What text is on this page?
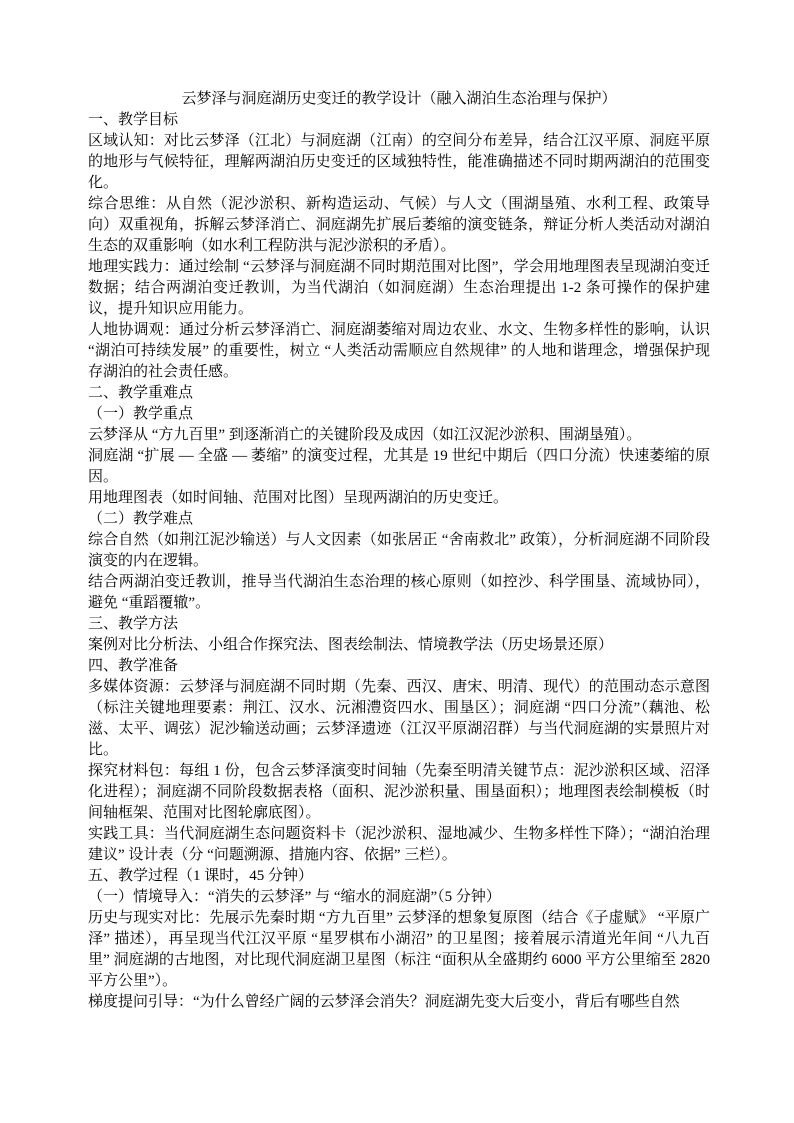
云梦泽与洞庭湖历史变迁的教学设计（融入湖泊生态治理与保护）

一、教学目标

区域认知：对比云梦泽（江北）与洞庭湖（江南）的空间分布差异，结合江汉平原、洞庭平原的地形与气候特征，理解两湖泊历史变迁的区域独特性，能准确描述不同时期两湖泊的范围变化。

综合思维：从自然（泥沙淤积、新构造运动、气候）与人文（围湖垦殖、水利工程、政策导向）双重视角，拆解云梦泽消亡、洞庭湖先扩展后萎缩的演变链条，辩证分析人类活动对湖泊生态的双重影响（如水利工程防洪与泥沙淤积的矛盾）。

地理实践力：通过绘制 “云梦泽与洞庭湖不同时期范围对比图”，学会用地理图表呈现湖泊变迁数据；结合两湖泊变迁教训，为当代湖泊（如洞庭湖）生态治理提出 1-2 条可操作的保护建议，提升知识应用能力。

人地协调观：通过分析云梦泽消亡、洞庭湖萎缩对周边农业、水文、生物多样性的影响，认识 “湖泊可持续发展” 的重要性，树立 “人类活动需顺应自然规律” 的人地和谐理念，增强保护现存湖泊的社会责任感。

二、教学重难点

（一）教学重点

云梦泽从 “方九百里” 到逐渐消亡的关键阶段及成因（如江汉泥沙淤积、围湖垦殖）。

洞庭湖 “扩展 — 全盛 — 萎缩” 的演变过程，尤其是 19 世纪中期后（四口分流）快速萎缩的原因。

用地理图表（如时间轴、范围对比图）呈现两湖泊的历史变迁。

（二）教学难点

综合自然（如荆江泥沙输送）与人文因素（如张居正 “舍南救北” 政策），分析洞庭湖不同阶段演变的内在逻辑。

结合两湖泊变迁教训，推导当代湖泊生态治理的核心原则（如控沙、科学围垦、流域协同），避免 “重蹈覆辙”。

三、教学方法

案例对比分析法、小组合作探究法、图表绘制法、情境教学法（历史场景还原）

四、教学准备

多媒体资源：云梦泽与洞庭湖不同时期（先秦、西汉、唐宋、明清、现代）的范围动态示意图（标注关键地理要素：荆江、汉水、沅湘澧资四水、围垦区）；洞庭湖 “四口分流”（藕池、松滋、太平、调弦）泥沙输送动画；云梦泽遗迹（江汉平原湖沼群）与当代洞庭湖的实景照片对比。

探究材料包：每组 1 份，包含云梦泽演变时间轴（先秦至明清关键节点：泥沙淤积区域、沼泽化进程）；洞庭湖不同阶段数据表格（面积、泥沙淤积量、围垦面积）；地理图表绘制模板（时间轴框架、范围对比图轮廓底图）。

实践工具：当代洞庭湖生态问题资料卡（泥沙淤积、湿地减少、生物多样性下降）；“湖泊治理建议” 设计表（分 “问题溯源、措施内容、依据” 三栏）。

五、教学过程（1 课时，45 分钟）

（一）情境导入：“消失的云梦泽” 与 “缩水的洞庭湖”（5 分钟）

历史与现实对比：先展示先秦时期 “方九百里” 云梦泽的想象复原图（结合《子虚赋》 “平原广泽” 描述），再呈现当代江汉平原 “星罗棋布小湖沼” 的卫星图；接着展示清道光年间 “八九百里” 洞庭湖的古地图，对比现代洞庭湖卫星图（标注 “面积从全盛期约 6000 平方公里缩至 2820 平方公里”）。

梯度提问引导：“为什么曾经广阔的云梦泽会消失？洞庭湖先变大后变小，背后有哪些自然
